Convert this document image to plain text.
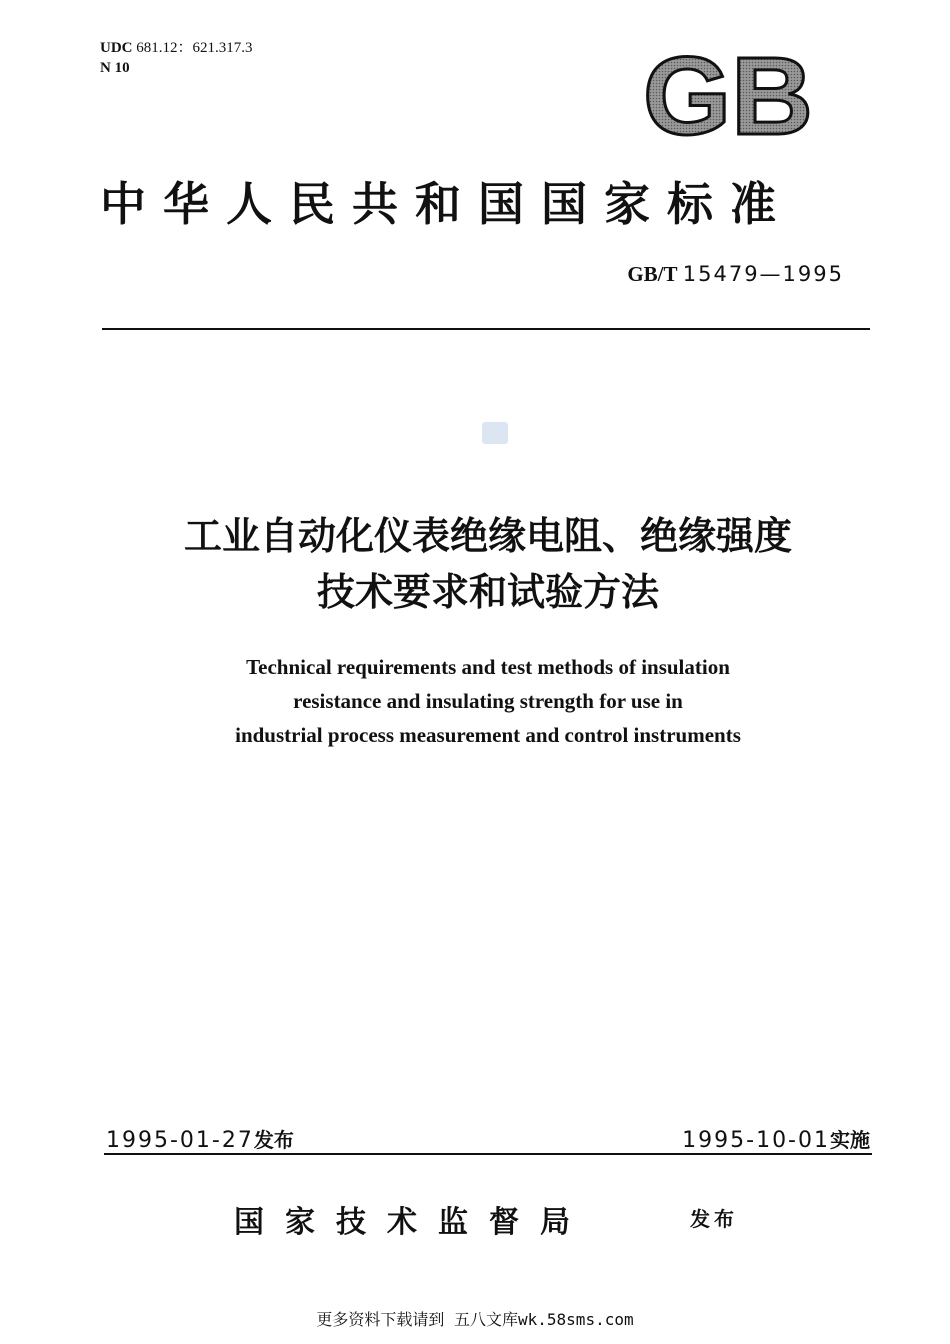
UDC 681.12：621.317.3
N 10	GB
中华人民共和国国家标准
GB/T 15479—1995
工业自动化仪表绝缘电阻、绝缘强度
技术要求和试验方法
Technical requirements and test methods of insulation
resistance and insulating strength for use in
industrial process measurement and control instruments
1995-01-27发布	1995-10-01实施
国家技术监督局	发布
更多资料下载请到 五八文库wk.58sms.com
